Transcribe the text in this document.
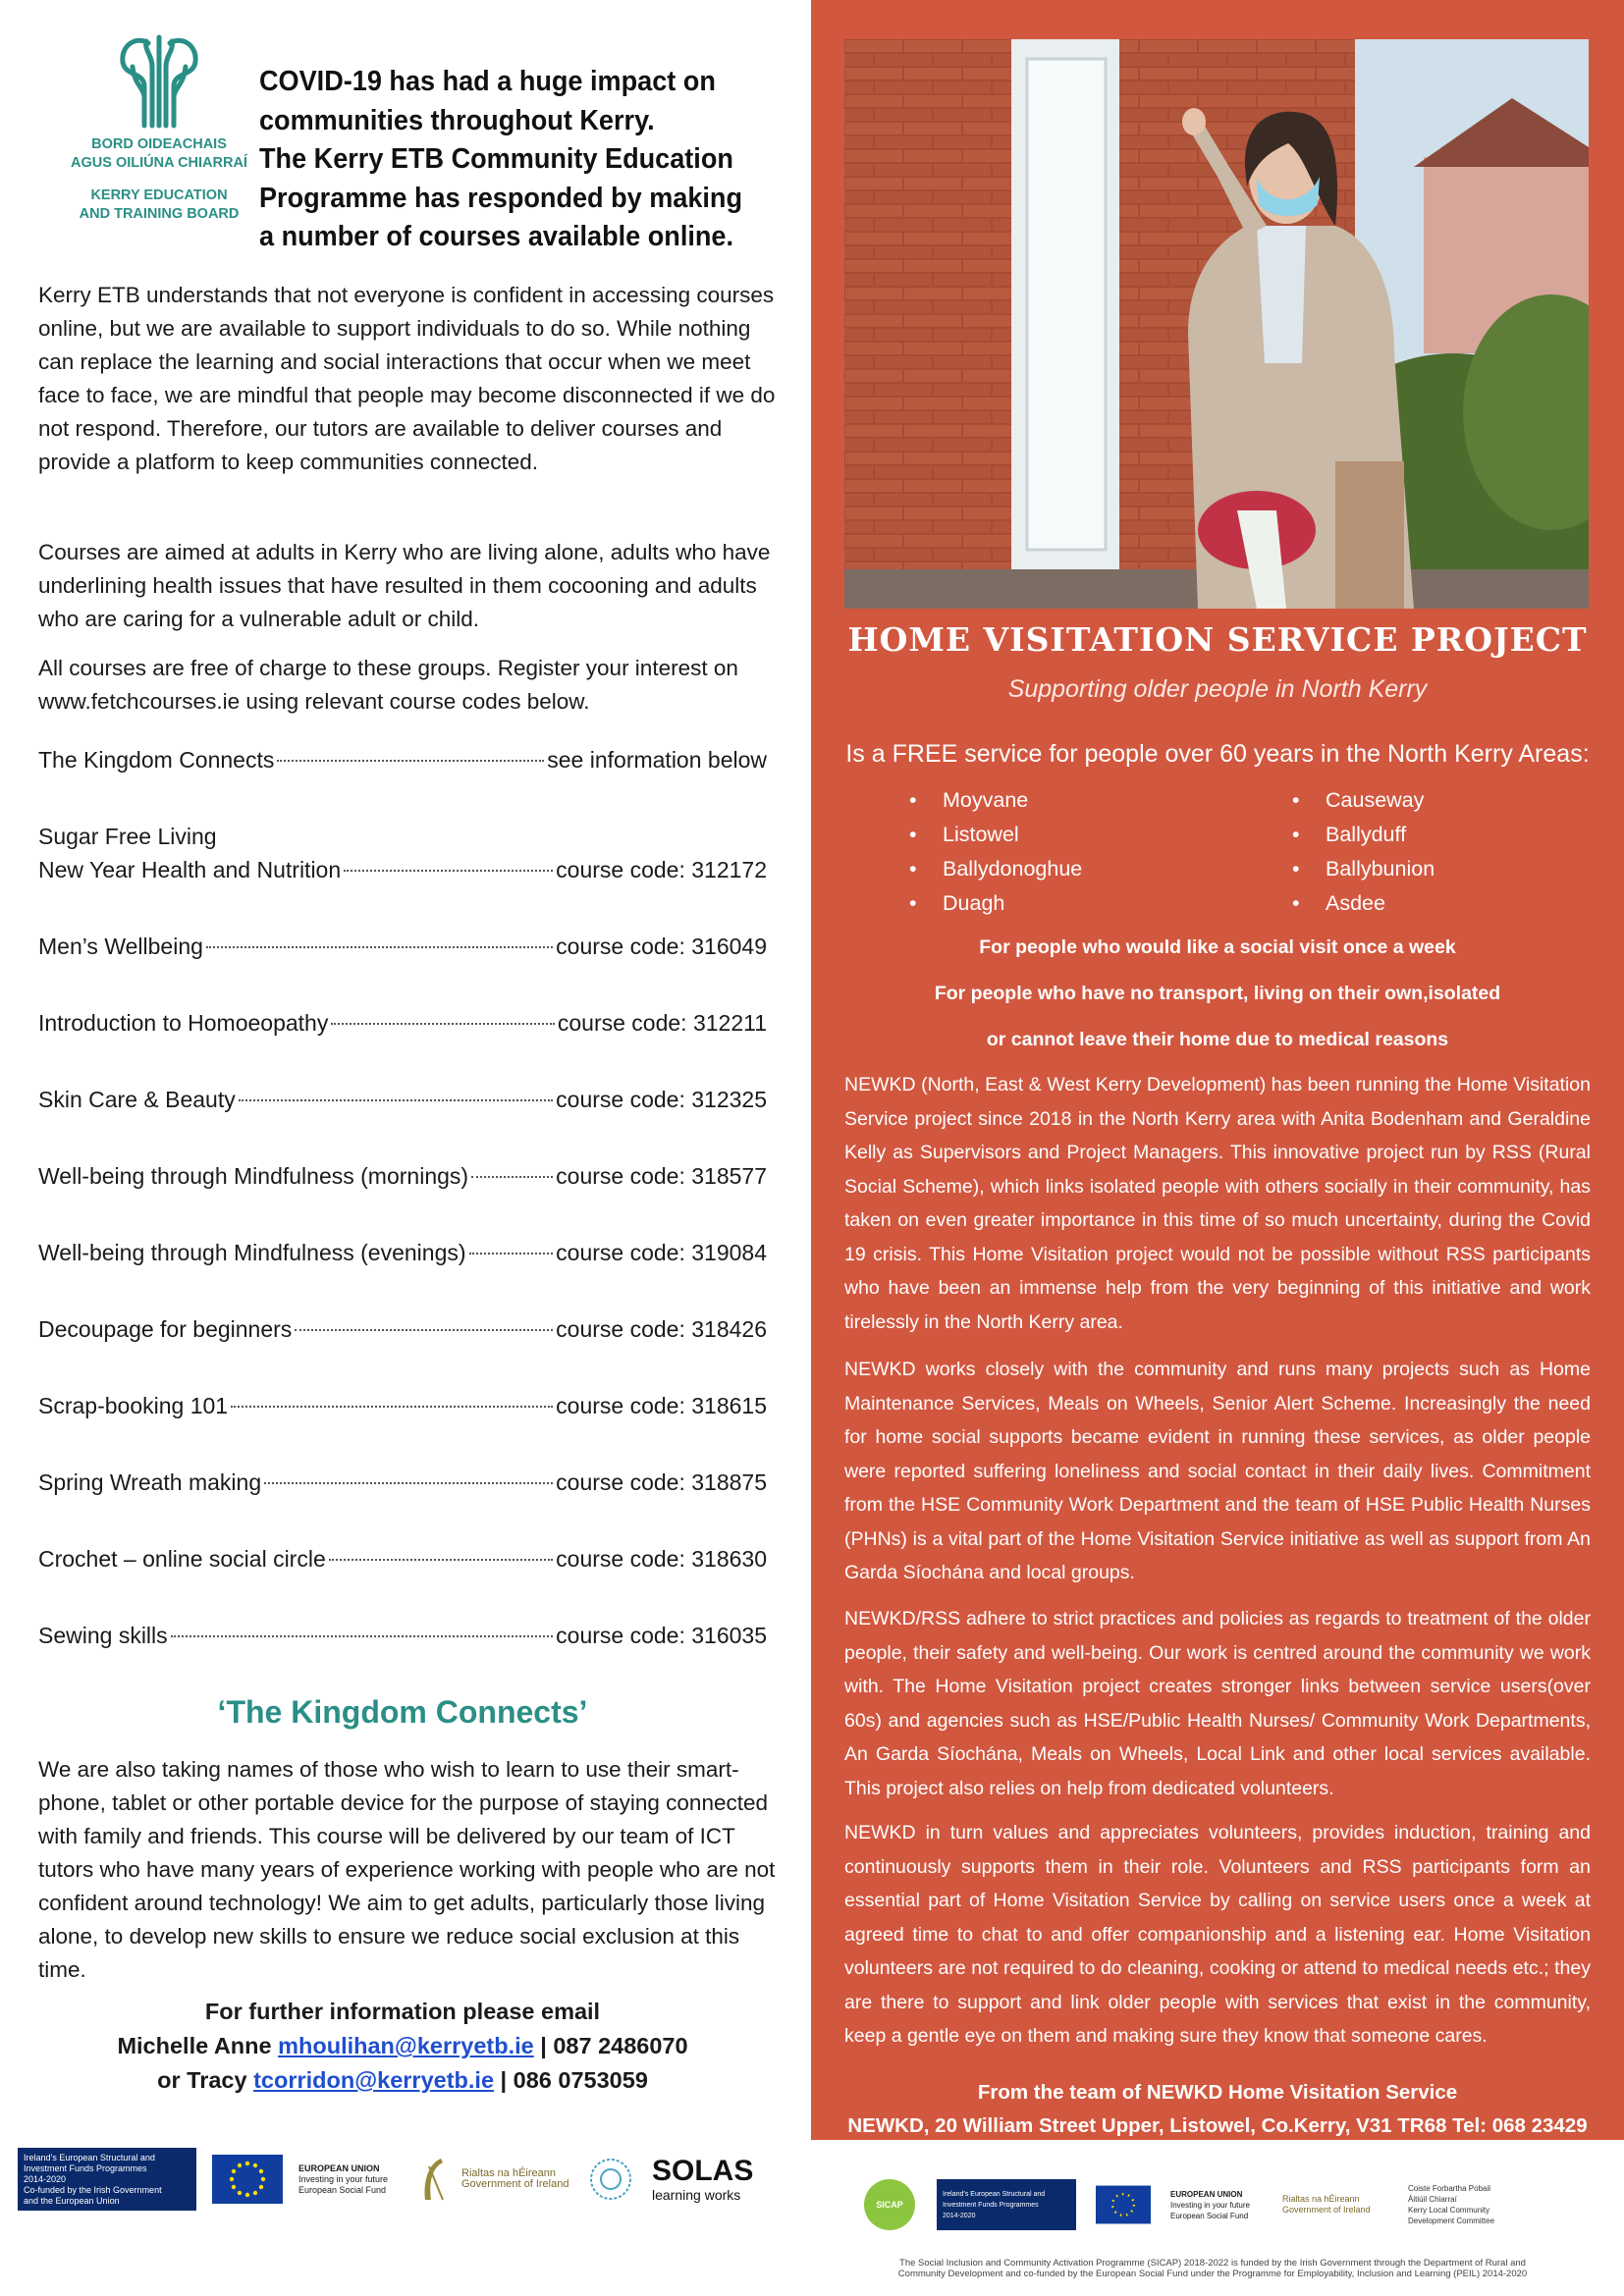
BORD OIDEACHAIS

AGUS OILIÚNA CHIARRAÍ

KERRY EDUCATION

AND TRAINING BOARD

COVID-19 has had a huge impact on
communities throughout Kerry.
The Kerry ETB Community Education
Programme has responded by making
a number of courses available online.

Kerry ETB understands that not everyone is confident in accessing courses online, but we are available to support individuals to do so. While nothing can replace the learning and social interactions that occur when we meet face to face, we are mindful that people may become disconnected if we do not respond. Therefore, our tutors are available to deliver courses and provide a platform to keep communities connected.

Courses are aimed at adults in Kerry who are living alone, adults who have underlining health issues that have resulted in them cocooning and adults who are caring for a vulnerable adult or child.

All courses are free of charge to these groups. Register your interest on www.fetchcourses.ie using relevant course codes below.

The Kingdom Connects	see information below

Sugar Free Living

New Year Health and Nutrition	course code: 312172
Men’s Wellbeing	course code: 316049
Introduction to Homoeopathy	course code: 312211
Skin Care & Beauty	course code: 312325
Well-being through Mindfulness (mornings)	course code: 318577
Well-being through Mindfulness (evenings)	course code: 319084
Decoupage for beginners	course code: 318426
Scrap-booking 101	course code: 318615
Spring Wreath making	course code: 318875
Crochet – online social circle	course code: 318630
Sewing skills	course code: 316035
‘The Kingdom Connects’

We are also taking names of those who wish to learn to use their smart-phone, tablet or other portable device for the purpose of staying connected with family and friends. This course will be delivered by our team of ICT tutors who have many years of experience working with people who are not confident around technology! We aim to get adults, particularly those living alone, to develop new skills to ensure we reduce social exclusion at this time.

For further information please email

Michelle Anne mhoulihan@kerryetb.ie | 087 2486070

or Tracy tcorridon@kerryetb.ie | 086 0753059

Ireland’s European Structural and
Investment Funds Programmes
2014-2020
Co-funded by the Irish Government
and the European Union
EUROPEAN UNION
Investing in your future
European Social Fund
Rialtas na hÉireann
Government of Ireland	SOLAS
learning works
HOME VISITATION SERVICE PROJECT

Supporting older people in North Kerry

Is a FREE service for people over 60 years in the North Kerry Areas:

• Moyvane
• Listowel
• Ballydonoghue
• Duagh
• Causeway
• Ballyduff
• Ballybunion
• Asdee

For people who would like a social visit once a week

For people who have no transport, living on their own,isolated

or cannot leave their home due to medical reasons

NEWKD (North, East & West Kerry Development) has been running the Home Visitation Service project since 2018 in the North Kerry area with Anita Bodenham and Geraldine Kelly as Supervisors and Project Managers. This innovative project run by RSS (Rural Social Scheme), which links isolated people with others socially in their community, has taken on even greater importance in this time of so much uncertainty, during the Covid 19 crisis. This Home Visitation project would not be possible without RSS participants who have been an immense help from the very beginning of this initiative and work tirelessly in the North Kerry area.

NEWKD works closely with the community and runs many projects such as Home Maintenance Services, Meals on Wheels, Senior Alert Scheme. Increasingly the need for home social supports became evident in running these services, as older people were reported suffering loneliness and social contact in their daily lives. Commitment from the HSE Community Work Department and the team of HSE Public Health Nurses (PHNs) is a vital part of the Home Visitation Service initiative as well as support from An Garda Síochána and local groups.

NEWKD/RSS adhere to strict practices and policies as regards to treatment of the older people, their safety and well-being. Our work is centred around the community we work with. The Home Visitation project creates stronger links between service users(over 60s) and agencies such as HSE/Public Health Nurses/ Community Work Departments, An Garda Síochána, Meals on Wheels, Local Link and other local services available. This project also relies on help from dedicated volunteers.

NEWKD in turn values and appreciates volunteers, provides induction, training and continuously supports them in their role. Volunteers and RSS participants form an essential part of Home Visitation Service by calling on service users once a week at agreed time to chat to and offer companionship and a listening ear. Home Visitation volunteers are not required to do cleaning, cooking or attend to medical needs etc.; they are there to support and link older people with services that exist in the community, keep a gentle eye on them and making sure they know that someone cares.

From the team of NEWKD Home Visitation Service

NEWKD, 20 William Street Upper, Listowel, Co.Kerry, V31 TR68 Tel: 068 23429

SICAP
Ireland’s European Structural and
Investment Funds Programmes
2014-2020
EUROPEAN UNION
Investing in your future
European Social Fund
Rialtas na hÉireann
Government of Ireland
Coiste Forbartha Pobail
Áitiúil Chiarraí
Kerry Local Community
Development Committee

The Social Inclusion and Community Activation Programme (SICAP) 2018-2022 is funded by the Irish Government through the Department of Rural and Community Development and co-funded by the European Social Fund under the Programme for Employability, Inclusion and Learning (PEIL) 2014-2020
